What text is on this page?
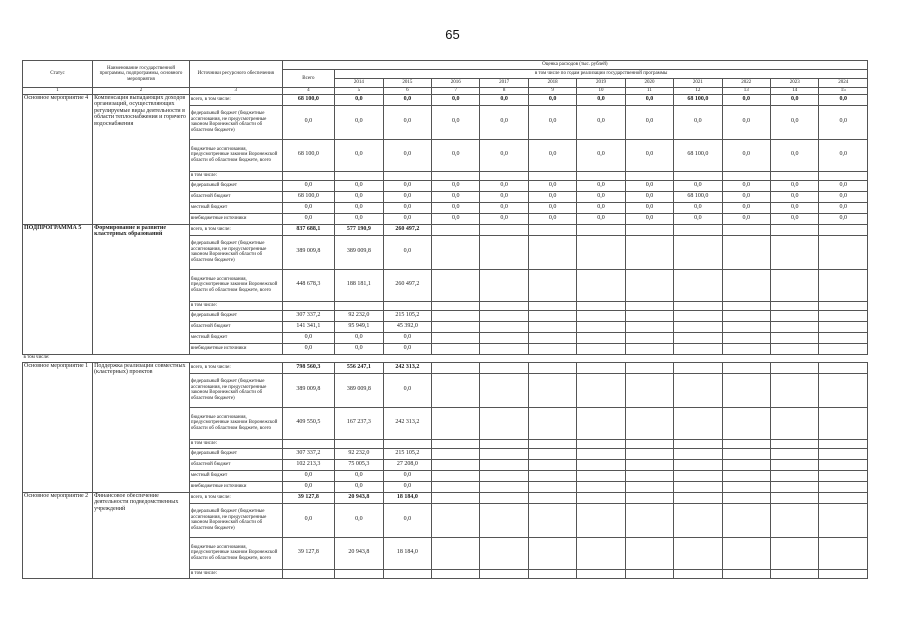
65
Статус	Наименование государственной программы, подпрограммы, основного мероприятия	Источники ресурсного обеспечения	Оценка расходов (тыс. рублей)											
			Всего	в том числе по годам реализации государственной программы										
				2014	2015	2016	2017	2018	2019	2020	2021	2022	2023	2024
1	2	3	4	5	6	7	8	9	10	11	12	13	14	15
Основное мероприятие 4	Компенсация выпадающих доходов организаций, осуществляющих регулируемые виды деятельности в области теплоснабжения и горячего водоснабжения	всего, в том числе:	68 100,0	0,0	0,0	0,0	0,0	0,0	0,0	0,0	68 100,0	0,0	0,0	0,0
		федеральный бюджет (бюджетные ассигнования, не предусмотренные законом Воронежской области об областном бюджете)	0,0	0,0	0,0	0,0	0,0	0,0	0,0	0,0	0,0	0,0	0,0	0,0
		бюджетные ассигнования, предусмотренные законом Воронежской области об областном бюджете, всего	68 100,0	0,0	0,0	0,0	0,0	0,0	0,0	0,0	68 100,0	0,0	0,0	0,0
		в том числе:												
		федеральный бюджет	0,0	0,0	0,0	0,0	0,0	0,0	0,0	0,0	0,0	0,0	0,0	0,0
		областной бюджет	68 100,0	0,0	0,0	0,0	0,0	0,0	0,0	0,0	68 100,0	0,0	0,0	0,0
		местный бюджет	0,0	0,0	0,0	0,0	0,0	0,0	0,0	0,0	0,0	0,0	0,0	0,0
		внебюджетные источники	0,0	0,0	0,0	0,0	0,0	0,0	0,0	0,0	0,0	0,0	0,0	0,0
ПОДПРОГРАММА 5	Формирование и развитие кластерных образований	всего, в том числе:	837 688,1	577 190,9	260 497,2									
		федеральный бюджет (бюджетные ассигнования, не предусмотренные законом Воронежской области об областном бюджете)	389 009,8	389 009,8	0,0									
		бюджетные ассигнования, предусмотренные законом Воронежской области об областном бюджете, всего	448 678,3	188 181,1	260 497,2									
		в том числе:												
		федеральный бюджет	307 337,2	92 232,0	215 105,2									
		областной бюджет	141 341,1	95 949,1	45 392,0									
		местный бюджет	0,0	0,0	0,0									
		внебюджетные источники	0,0	0,0	0,0									
в том числе:														
Основное мероприятие 1	Поддержка реализации совместных (кластерных) проектов	всего, в том числе:	798 560,3	556 247,1	242 313,2									
		федеральный бюджет (бюджетные ассигнования, не предусмотренные законом Воронежской области об областном бюджете)	389 009,8	389 009,8	0,0									
		бюджетные ассигнования, предусмотренные законом Воронежской области об областном бюджете, всего	409 550,5	167 237,3	242 313,2									
		в том числе:												
		федеральный бюджет	307 337,2	92 232,0	215 105,2									
		областной бюджет	102 213,3	75 005,3	27 208,0									
		местный бюджет	0,0	0,0	0,0									
		внебюджетные источники	0,0	0,0	0,0									
Основное мероприятие 2	Финансовое обеспечение деятельности подведомственных учреждений	всего, в том числе:	39 127,8	20 943,8	18 184,0									
		федеральный бюджет (бюджетные ассигнования, не предусмотренные законом Воронежской области об областном бюджете)	0,0	0,0	0,0									
		бюджетные ассигнования, предусмотренные законом Воронежской области об областном бюджете, всего	39 127,8	20 943,8	18 184,0									
		в том числе:												
